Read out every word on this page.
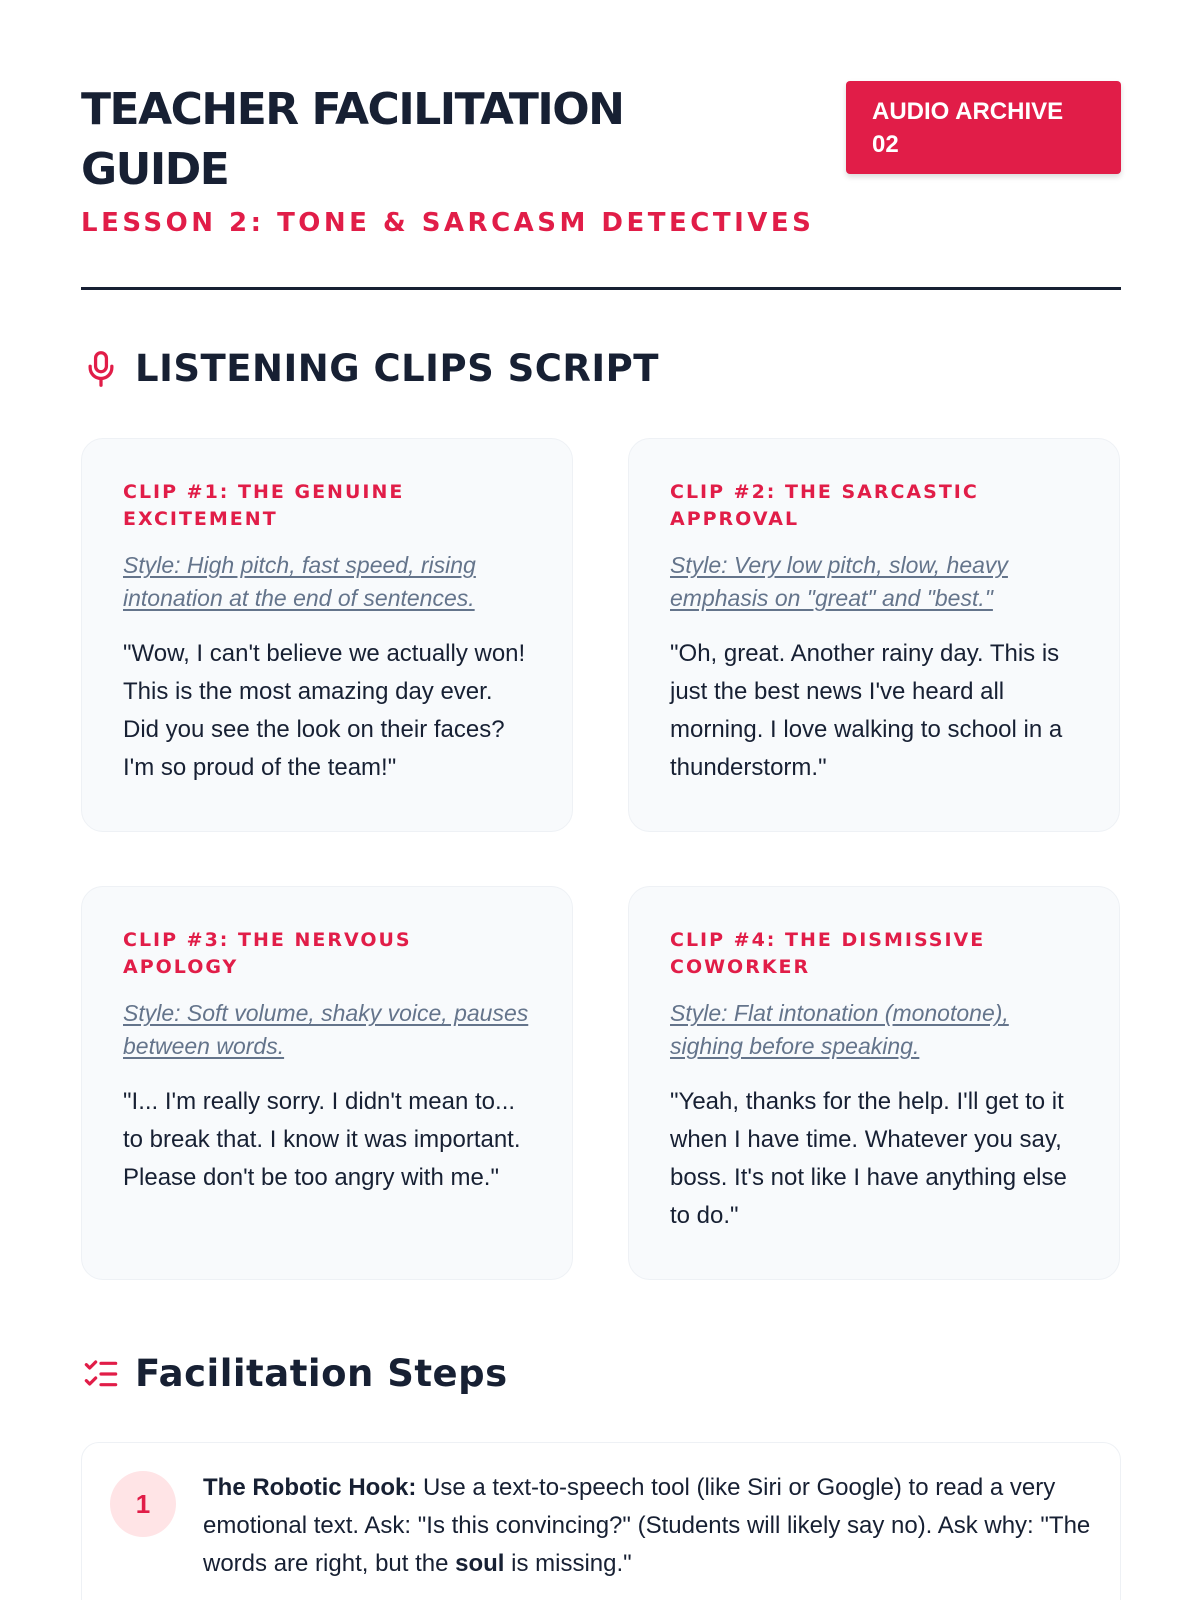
TEACHER FACILITATION GUIDE
LESSON 2: TONE & SARCASM DETECTIVES
AUDIO ARCHIVE 02
LISTENING CLIPS SCRIPT
CLIP #1: THE GENUINE EXCITEMENT
Style: High pitch, fast speed, rising intonation at the end of sentences.
"Wow, I can't believe we actually won! This is the most amazing day ever. Did you see the look on their faces? I'm so proud of the team!"
CLIP #2: THE SARCASTIC APPROVAL
Style: Very low pitch, slow, heavy emphasis on "great" and "best."
"Oh, great. Another rainy day. This is just the best news I've heard all morning. I love walking to school in a thunderstorm."
CLIP #3: THE NERVOUS APOLOGY
Style: Soft volume, shaky voice, pauses between words.
"I... I'm really sorry. I didn't mean to... to break that. I know it was important. Please don't be too angry with me."
CLIP #4: THE DISMISSIVE COWORKER
Style: Flat intonation (monotone), sighing before speaking.
"Yeah, thanks for the help. I'll get to it when I have time. Whatever you say, boss. It's not like I have anything else to do."
Facilitation Steps
1

The Robotic Hook: Use a text-to-speech tool (like Siri or Google) to read a very emotional text. Ask: "Is this convincing?" (Students will likely say no). Ask why: "The words are right, but the soul is missing."
